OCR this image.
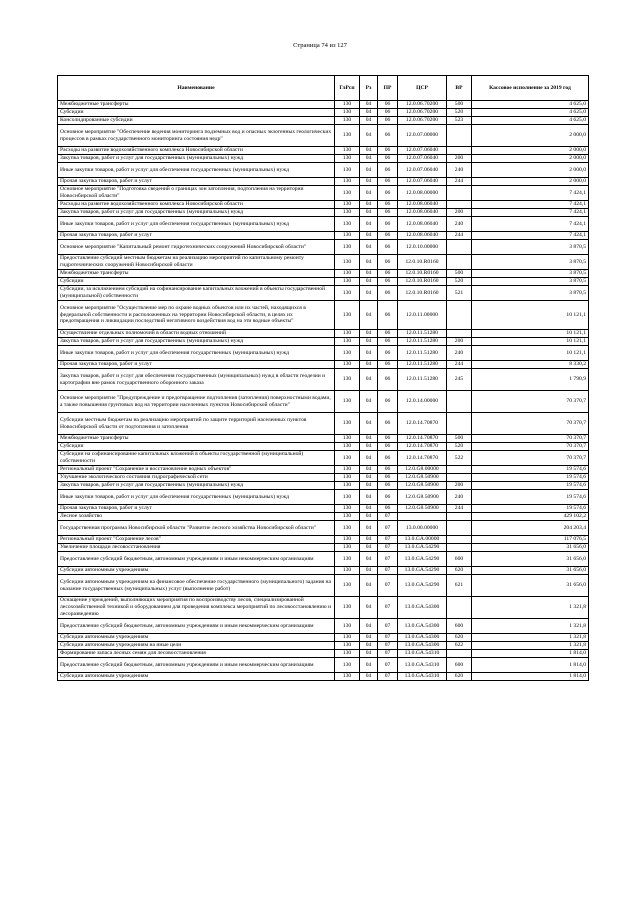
Страница 74 из 127
Наименование	ГлРсп	Рз	ПР	ЦСР	ВР	Кассовое исполнение за 2019 год
Межбюджетные трансферты	130	04	06	12.0.06.70200	500	4 625,0
Субсидии	130	04	06	12.0.06.70200	520	4 625,0
Консолидированные субсидии	130	04	06	12.0.06.70200	523	4 625,0
Основное мероприятие "Обеспечение ведения мониторинга подземных вод и опасных экзогенных геологических процессов в рамках государственного мониторинга состояния недр"	130	04	06	12.0.07.00000		2 000,0
Расходы на развитие водохозяйственного комплекса Новосибирской области	130	04	06	12.0.07.06040		2 000,0
Закупка товаров, работ и услуг для государственных (муниципальных) нужд	130	04	06	12.0.07.06040	200	2 000,0
Иные закупки товаров, работ и услуг для обеспечения государственных (муниципальных) нужд	130	04	06	12.0.07.06040	240	2 000,0
Прочая закупка товаров, работ и услуг	130	04	06	12.0.07.06040	244	2 000,0
Основное мероприятие "Подготовка сведений о границах зон затопления, подтопления на территории Новосибирской области"	130	04	06	12.0.08.00000		7 424,1
Расходы на развитие водохозяйственного комплекса Новосибирской области	130	04	06	12.0.08.06040		7 424,1
Закупка товаров, работ и услуг для государственных (муниципальных) нужд	130	04	06	12.0.08.06040	200	7 424,1
Иные закупки товаров, работ и услуг для обеспечения государственных (муниципальных) нужд	130	04	06	12.0.08.06040	240	7 424,1
Прочая закупка товаров, работ и услуг	130	04	06	12.0.08.06040	244	7 424,1
Основное мероприятие "Капитальный ремонт гидротехнических сооружений Новосибирской области"	130	04	06	12.0.10.00000		3 870,5
Предоставление субсидий местным бюджетам на реализацию мероприятий по капитальному ремонту гидротехнических сооружений Новосибирской области	130	04	06	12.0.10.R0160		3 870,5
Межбюджетные трансферты	130	04	06	12.0.10.R0160	500	3 870,5
Субсидии	130	04	06	12.0.10.R0160	520	3 870,5
Субсидии, за исключением субсидий на софинансирование капитальных вложений в объекты государственной (муниципальной) собственности	130	04	06	12.0.10.R0160	521	3 870,5
Основное мероприятие "Осуществление мер по охране водных объектов или их частей, находящихся в федеральной собственности и расположенных на территории Новосибирской области, в целях их предотвращения и ликвидации последствий негативного воздействия вод на эти водные объекты"	130	04	06	12.0.11.00000		10 121,1
Осуществление отдельных полномочий в области водных отношений	130	04	06	12.0.11.51280		10 121,1
Закупка товаров, работ и услуг для государственных (муниципальных) нужд	130	04	06	12.0.11.51280	200	10 121,1
Иные закупки товаров, работ и услуг для обеспечения государственных (муниципальных) нужд	130	04	06	12.0.11.51280	240	10 121,1
Прочая закупка товаров, работ и услуг	130	04	06	12.0.11.51280	244	8 330,2
Закупка товаров, работ и услуг для обеспечения государственных (муниципальных) нужд в области геодезии и картографии вне рамок государственного оборонного заказа	130	04	06	12.0.11.51280	245	1 790,9
Основное мероприятие "Предупреждение и предотвращение подтопления (затопления) поверхностными водами, а также повышения грунтовых вод на территории населенных пунктов Новосибирской области"	130	04	06	12.0.14.00000		70 370,7
Субсидии местным бюджетам на реализацию мероприятий по защите территорий населенных пунктов Новосибирской области от подтопления и затопления	130	04	06	12.0.14.70870		70 370,7
Межбюджетные трансферты	130	04	06	12.0.14.70870	500	70 370,7
Субсидии	130	04	06	12.0.14.70870	520	70 370,7
Субсидии на софинансирование капитальных вложений в объекты государственной (муниципальной) собственности	130	04	06	12.0.14.70870	522	70 370,7
Региональный проект "Сохранение и восстановление водных объектов"	130	04	06	12.0.G8.00000		19 574,6
Улучшение экологического состояния гидрографической сети	130	04	06	12.0.G8.50900		19 574,6
Закупка товаров, работ и услуг для государственных (муниципальных) нужд	130	04	06	12.0.G8.50900	200	19 574,6
Иные закупки товаров, работ и услуг для обеспечения государственных (муниципальных) нужд	130	04	06	12.0.G8.50900	240	19 574,6
Прочая закупка товаров, работ и услуг	130	04	06	12.0.G8.50900	244	19 574,6
Лесное хозяйство	130	04	07			429 102,2
Государственная программа Новосибирской области "Развитие лесного хозяйства Новосибирской области"	130	04	07	13.0.00.00000		204 203,4
Региональный проект "Сохранение лесов"	130	04	07	13.0.GA.00000		117 076,5
Увеличение площади лесовосстановления	130	04	07	13.0.GA.54290		31 656,0
Предоставление субсидий бюджетным, автономным учреждениям и иным некоммерческим организациям	130	04	07	13.0.GA.54290	600	31 656,0
Субсидии автономным учреждениям	130	04	07	13.0.GA.54290	620	31 656,0
Субсидии автономным учреждениям на финансовое обеспечение государственного (муниципального) задания на оказание государственных (муниципальных) услуг (выполнение работ)	130	04	07	13.0.GA.54290	621	31 656,0
Оснащение учреждений, выполняющих мероприятия по воспроизводству лесов, специализированной лесохозяйственной техникой и оборудованием для проведения комплекса мероприятий по лесовосстановлению и лесоразведению	130	04	07	13.0.GA.54300		1 321,8
Предоставление субсидий бюджетным, автономным учреждениям и иным некоммерческим организациям	130	04	07	13.0.GA.54300	600	1 321,8
Субсидии автономным учреждениям	130	04	07	13.0.GA.54300	620	1 321,8
Субсидии автономным учреждениям на иные цели	130	04	07	13.0.GA.54300	622	1 321,8
Формирование запаса лесных семян для лесовосстановления	130	04	07	13.0.GA.54310		1 814,0
Предоставление субсидий бюджетным, автономным учреждениям и иным некоммерческим организациям	130	04	07	13.0.GA.54310	600	1 814,0
Субсидии автономным учреждениям	130	04	07	13.0.GA.54310	620	1 814,0
